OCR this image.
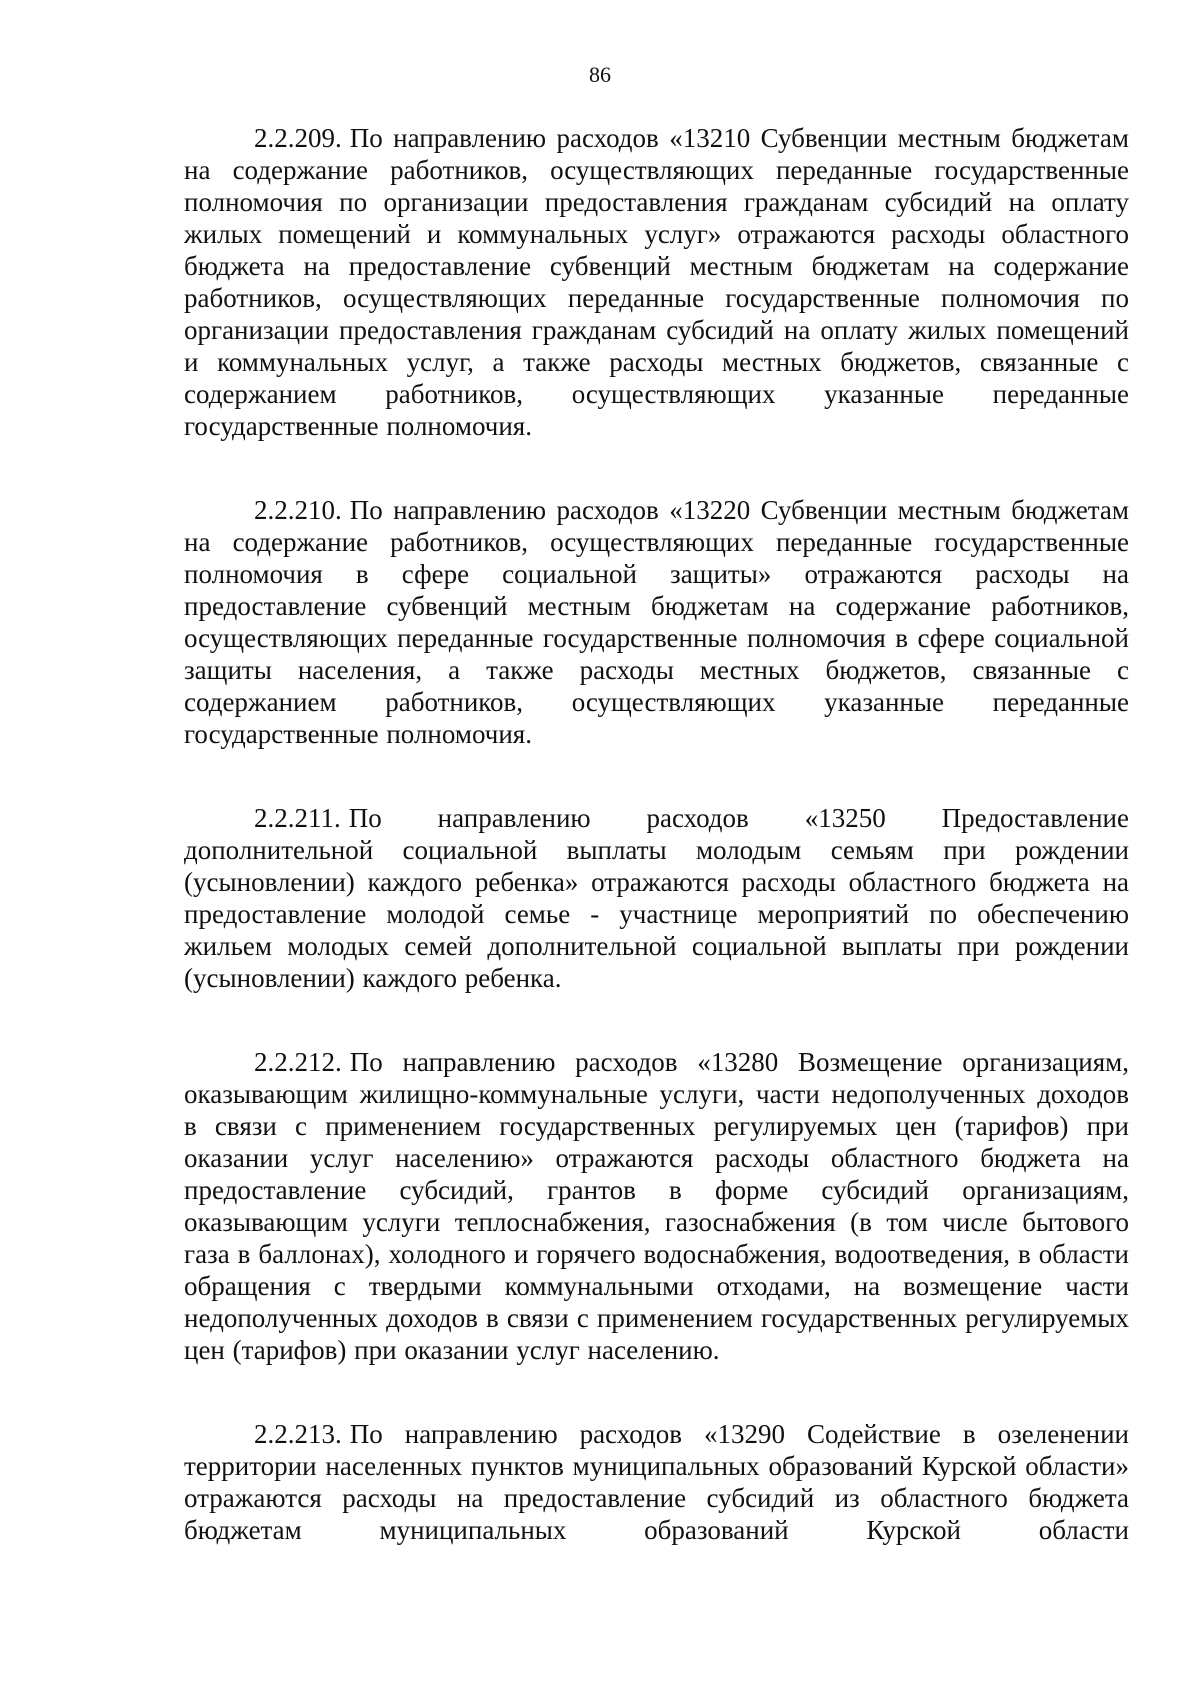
86

2.2.209. По направлению расходов «13210 Субвенции местным бюджетам на содержание работников, осуществляющих переданные государственные полномочия по организации предоставления гражданам субсидий на оплату жилых помещений и коммунальных услуг» отражаются расходы областного бюджета на предоставление субвенций местным бюджетам на содержание работников, осуществляющих переданные государственные полномочия по организации предоставления гражданам субсидий на оплату жилых помещений и коммунальных услуг, а также расходы местных бюджетов, связанные с содержанием работников, осуществляющих указанные переданные государственные полномочия.

2.2.210. По направлению расходов «13220 Субвенции местным бюджетам на содержание работников, осуществляющих переданные государственные полномочия в сфере социальной защиты» отражаются расходы на предоставление субвенций местным бюджетам на содержание работников, осуществляющих переданные государственные полномочия в сфере социальной защиты населения, а также расходы местных бюджетов, связанные с содержанием работников, осуществляющих указанные переданные государственные полномочия.

2.2.211. По направлению расходов «13250 Предоставление дополнительной социальной выплаты молодым семьям при рождении (усыновлении) каждого ребенка» отражаются расходы областного бюджета на предоставление молодой семье - участнице мероприятий по обеспечению жильем молодых семей дополнительной социальной выплаты при рождении (усыновлении) каждого ребенка.

2.2.212. По направлению расходов «13280 Возмещение организациям, оказывающим жилищно-коммунальные услуги, части недополученных доходов в связи с применением государственных регулируемых цен (тарифов) при оказании услуг населению» отражаются расходы областного бюджета на предоставление субсидий, грантов в форме субсидий организациям, оказывающим услуги теплоснабжения, газоснабжения (в том числе бытового газа в баллонах), холодного и горячего водоснабжения, водоотведения, в области обращения с твердыми коммунальными отходами, на возмещение части недополученных доходов в связи с применением государственных регулируемых цен (тарифов) при оказании услуг населению.

2.2.213. По направлению расходов «13290 Содействие в озеленении территории населенных пунктов муниципальных образований Курской области» отражаются расходы на предоставление субсидий из областного бюджета бюджетам муниципальных образований Курской области
